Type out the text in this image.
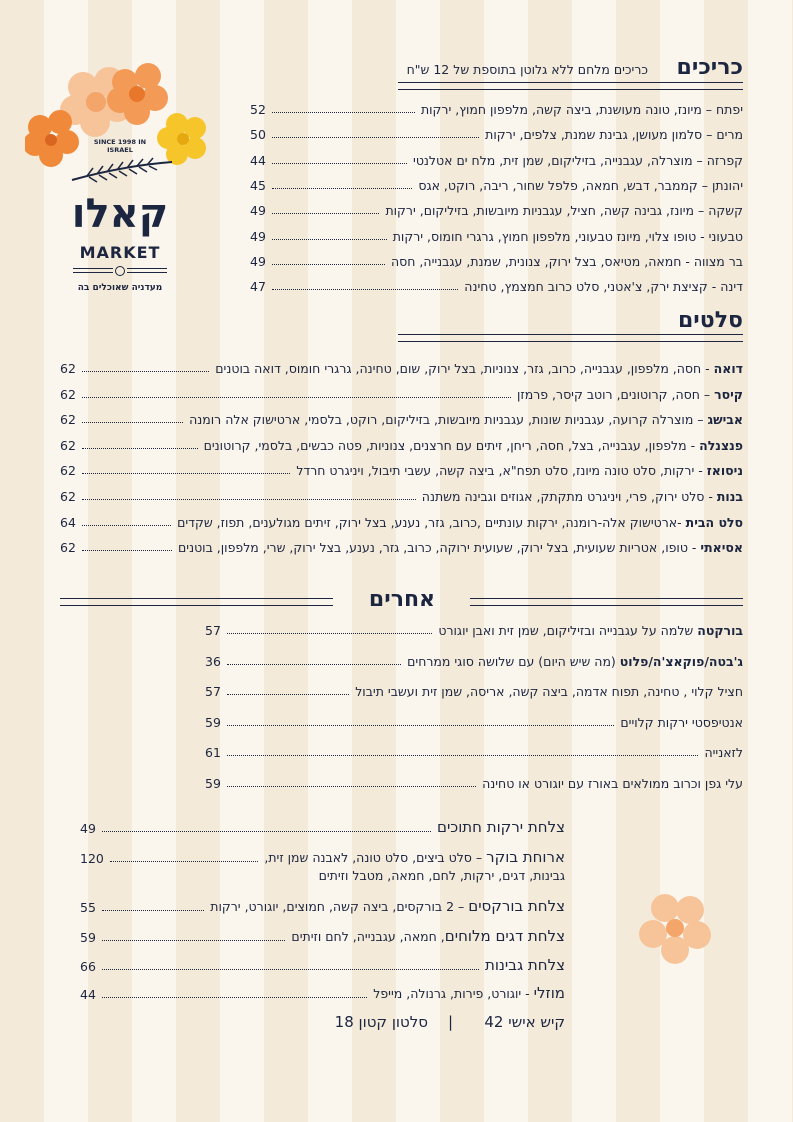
SINCE 1998 IN ISRAEL
קאלו
MARKET
מעדניה שאוכלים בה
כריכים
כריכים מלחם ללא גלוטן בתוספת של 12 ש"ח
יפתח – מיונז, טונה מעושנת, ביצה קשה, מלפפון חמוץ, ירקות
52
מרים – סלמון מעושן, גבינת שמנת, צלפים, ירקות
50
קפרזה – מוצרלה, עגבנייה, בזיליקום, שמן זית, מלח ים אטלנטי
44
יהונתן – קממבר, דבש, חמאה, פלפל שחור, ריבה, רוקט, אגס
45
קשקה – מיונז, גבינה קשה, חציל, עגבניות מיובשות, בזיליקום, ירקות
49
טבעוני - טופו צלוי, מיונז טבעוני, מלפפון חמוץ, גרגרי חומוס, ירקות
49
בר מצווה - חמאה, מטיאס, בצל ירוק, צנונית, שמנת, עגבנייה, חסה
49
דינה - קציצת ירק, צ'אטני, סלט כרוב חמצמץ, טחינה
47
סלטים
דואה - חסה, מלפפון, עגבנייה, כרוב, גזר, צנוניות, בצל ירוק, שום, טחינה, גרגרי חומוס, דואה בוטנים
62
קיסר – חסה, קרוטונים, רוטב קיסר, פרמזן
62
אבישג – מוצרלה קרועה, עגבניות שונות, עגבניות מיובשות, בזיליקום, רוקט, בלסמי, ארטישוק אלה רומנה
62
פנצנלה - מלפפון, עגבנייה, בצל, חסה, ריחן, זיתים עם חרצנים, צנוניות, פטה כבשים, בלסמי, קרוטונים
62
ניסואז - ירקות, סלט טונה מיונז, סלט תפח"א, ביצה קשה, עשבי תיבול, ויניגרט חרדל
62
בנות - סלט ירוק, פרי, ויניגרט מתקתק, אגוזים וגבינה משתנה
62
סלט הבית -ארטישוק אלה-רומנה, ירקות עונתיים ,כרוב, גזר, נענע, בצל ירוק, זיתים מגולענים, תפוז, שקדים
64
אסיאתי - טופו, אטריות שעועית, בצל ירוק, שעועית ירוקה, כרוב, גזר, נענע, בצל ירוק, שרי, מלפפון, בוטנים
62
אחרים
בורקטה שלמה על עגבנייה ובזיליקום, שמן זית ואבן יוגורט
57
ג'בטה/פוקאצ'ה/פלוט (מה שיש היום) עם שלושה סוגי ממרחים
36
חציל קלוי , טחינה, תפוח אדמה, ביצה קשה, אריסה, שמן זית ועשבי תיבול
57
אנטיפסטי ירקות קלויים
59
לזאנייה
61
עלי גפן וכרוב ממולאים באורז עם יוגורט או טחינה
59
צלחת ירקות חתוכים
49
ארוחת בוקר – סלט ביצים, סלט טונה, לאבנה שמן זית,
120
גבינות, דגים, ירקות, לחם, חמאה, מטבל וזיתים
צלחת בורקסים – 2 בורקסים, ביצה קשה, חמוצים, יוגורט, ירקות
55
צלחת דגים מלוחים, חמאה, עגבנייה, לחם וזיתים
59
צלחת גבינות
66
מוזלי - יוגורט, פירות, גרנולה, מייפל
44
קיש אישי 42
|
סלטון קטון 18
